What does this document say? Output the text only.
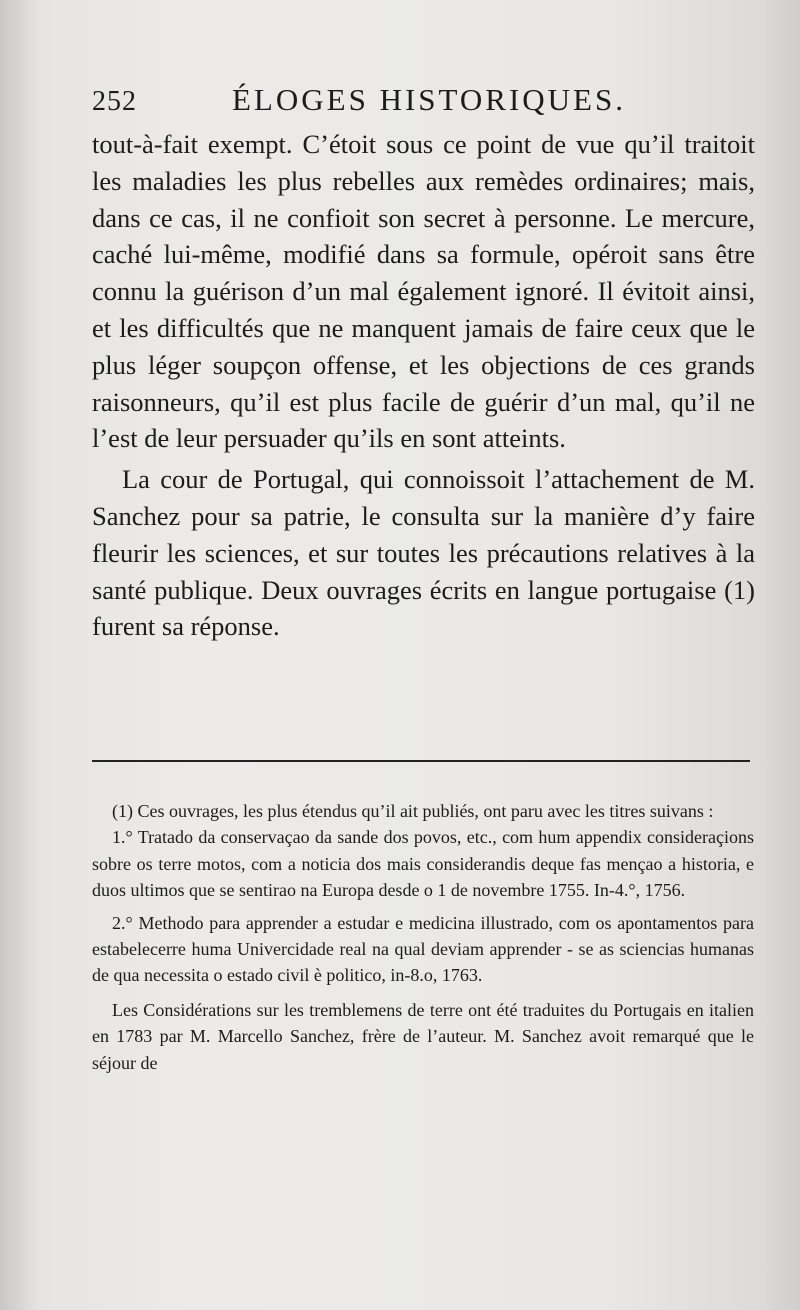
252	ÉLOGES HISTORIQUES.

tout-à-fait exempt. C’étoit sous ce point de vue qu’il traitoit les maladies les plus rebelles aux remèdes ordinaires; mais, dans ce cas, il ne confioit son secret à personne. Le mercure, caché lui-même, modifié dans sa formule, opéroit sans être connu la guérison d’un mal également ignoré. Il évitoit ainsi, et les difficultés que ne manquent jamais de faire ceux que le plus léger soupçon offense, et les objections de ces grands raisonneurs, qu’il est plus facile de guérir d’un mal, qu’il ne l’est de leur persuader qu’ils en sont atteints.

La cour de Portugal, qui connoissoit l’attachement de M. Sanchez pour sa patrie, le consulta sur la manière d’y faire fleurir les sciences, et sur toutes les précautions relatives à la santé publique. Deux ouvrages écrits en langue portugaise (1) furent sa réponse.

(1) Ces ouvrages, les plus étendus qu’il ait publiés, ont paru avec les titres suivans :

1.° Tratado da conservaçao da sande dos povos, etc., com hum appendix consideraçions sobre os terre motos, com a noticia dos mais considerandis deque fas mençao a historia, e duos ultimos que se sentirao na Europa desde o 1 de novembre 1755. In-4.°, 1756.

2.° Methodo para apprender a estudar e medicina illustrado, com os apontamentos para estabelecerre huma Univercidade real na qual deviam apprender - se as sciencias humanas de qua necessita o estado civil è politico, in-8.o, 1763.

Les Considérations sur les tremblemens de terre ont été traduites du Portugais en italien en 1783 par M. Marcello Sanchez, frère de l’auteur. M. Sanchez avoit remarqué que le séjour de
